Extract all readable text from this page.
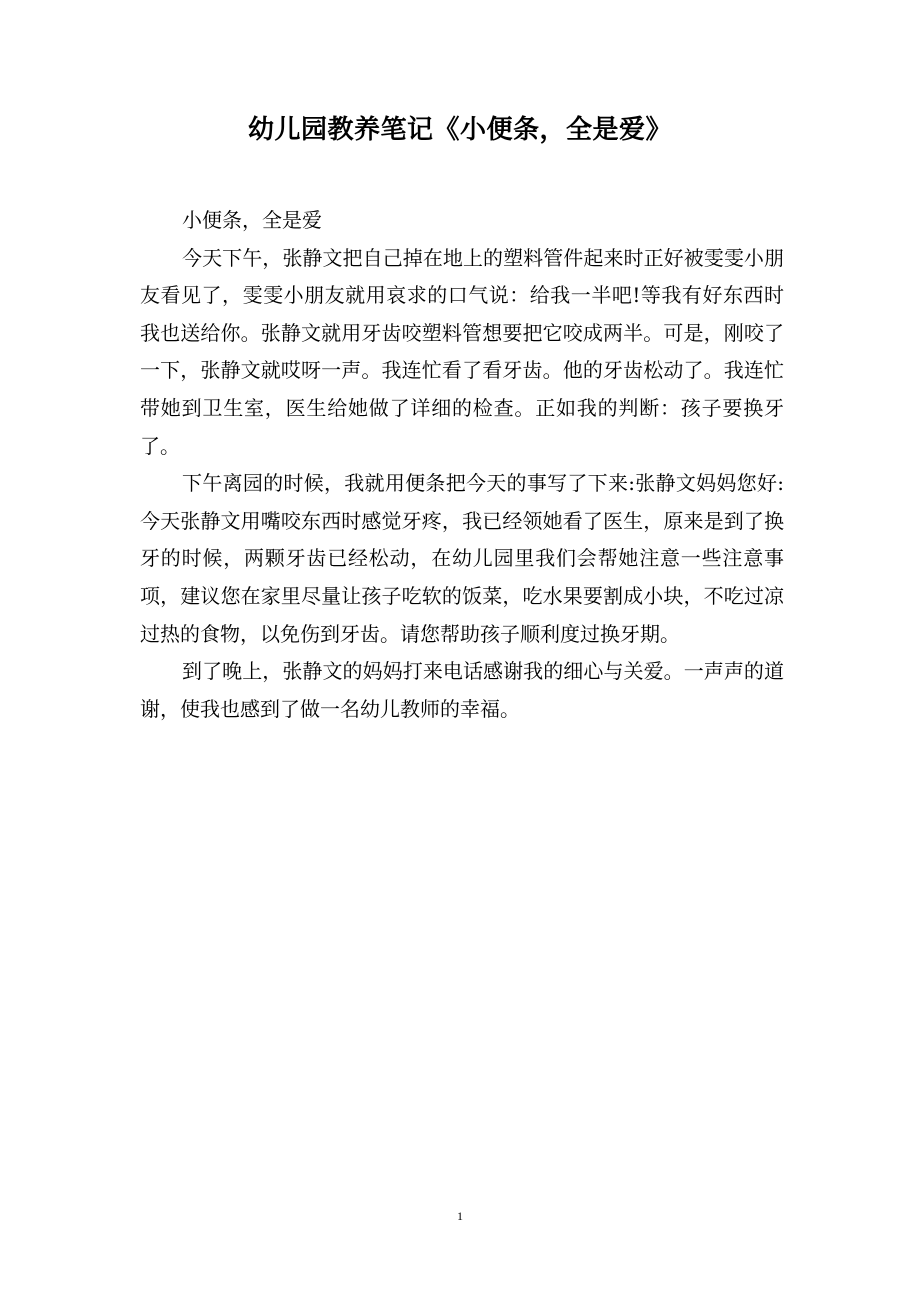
幼儿园教养笔记《小便条，全是爱》

小便条，全是爱

今天下午，张静文把自己掉在地上的塑料管件起来时正好被雯雯小朋友看见了，雯雯小朋友就用哀求的口气说：给我一半吧!等我有好东西时我也送给你。张静文就用牙齿咬塑料管想要把它咬成两半。可是，刚咬了一下，张静文就哎呀一声。我连忙看了看牙齿。他的牙齿松动了。我连忙带她到卫生室，医生给她做了详细的检查。正如我的判断：孩子要换牙了。

下午离园的时候，我就用便条把今天的事写了下来:张静文妈妈您好:今天张静文用嘴咬东西时感觉牙疼，我已经领她看了医生，原来是到了换牙的时候，两颗牙齿已经松动，在幼儿园里我们会帮她注意一些注意事项，建议您在家里尽量让孩子吃软的饭菜，吃水果要割成小块，不吃过凉过热的食物，以免伤到牙齿。请您帮助孩子顺利度过换牙期。

到了晚上，张静文的妈妈打来电话感谢我的细心与关爱。一声声的道谢，使我也感到了做一名幼儿教师的幸福。

1
